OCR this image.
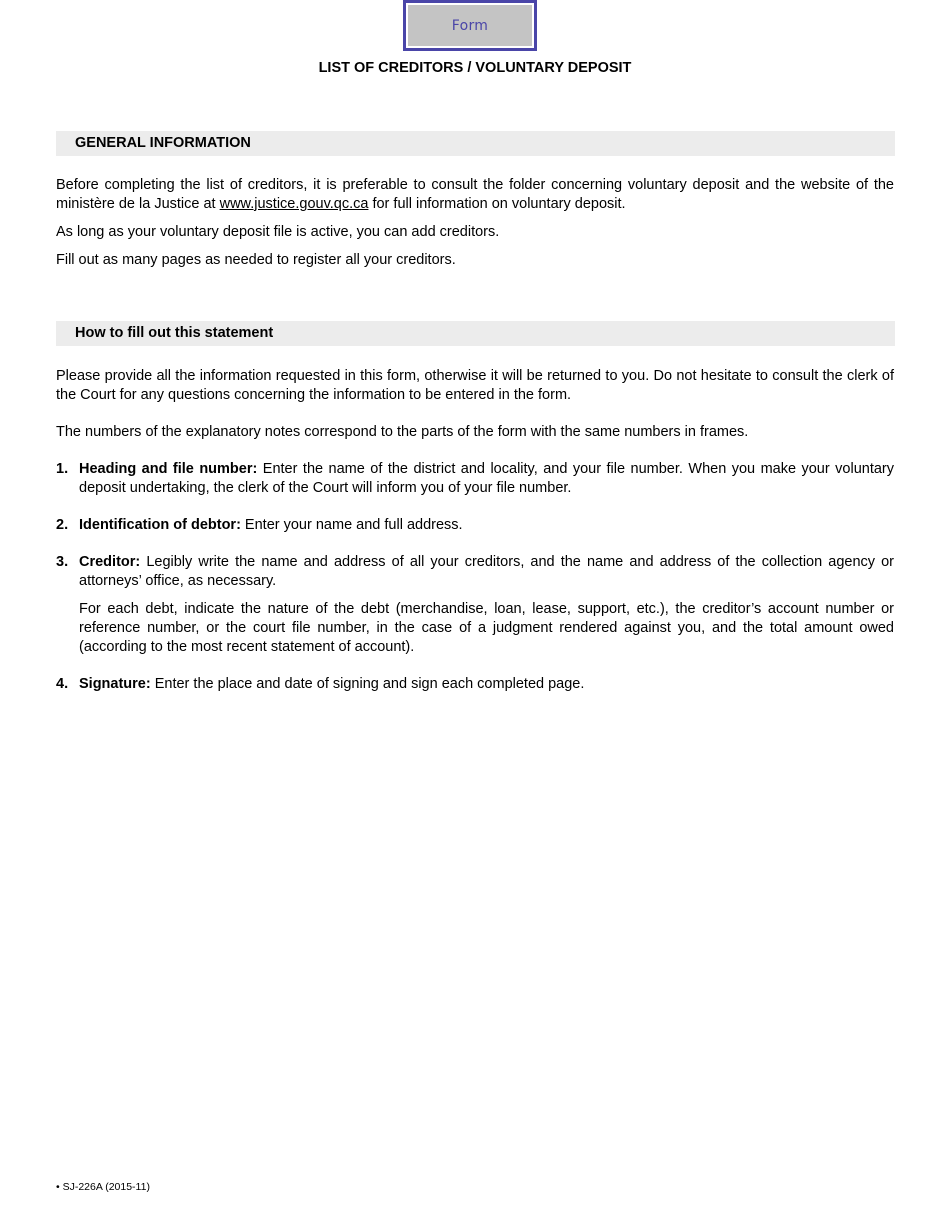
Form
LIST OF CREDITORS / VOLUNTARY DEPOSIT
GENERAL INFORMATION

Before completing the list of creditors, it is preferable to consult the folder concerning voluntary deposit and the website of the ministère de la Justice at www.justice.gouv.qc.ca for full information on voluntary deposit.

As long as your voluntary deposit file is active, you can add creditors.

Fill out as many pages as needed to register all your creditors.

How to fill out this statement

Please provide all the information requested in this form, otherwise it will be returned to you. Do not hesitate to consult the clerk of the Court for any questions concerning the information to be entered in the form.

The numbers of the explanatory notes correspond to the parts of the form with the same numbers in frames.

1. Heading and file number: Enter the name of the district and locality, and your file number. When you make your voluntary deposit undertaking, the clerk of the Court will inform you of your file number.

2. Identification of debtor: Enter your name and full address.

3. Creditor: Legibly write the name and address of all your creditors, and the name and address of the collection agency or attorneys’ office, as necessary.

For each debt, indicate the nature of the debt (merchandise, loan, lease, support, etc.), the creditor’s account number or reference number, or the court file number, in the case of a judgment rendered against you, and the total amount owed (according to the most recent statement of account).

4. Signature: Enter the place and date of signing and sign each completed page.

• SJ-226A (2015-11)
